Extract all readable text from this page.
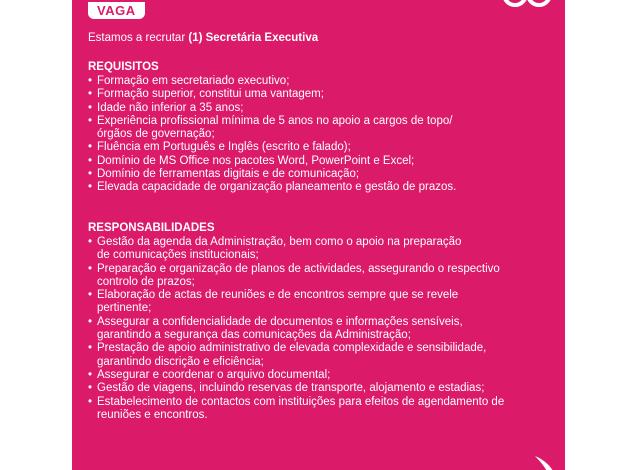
VAGA
Estamos a recrutar (1) Secretária Executiva
REQUISITOS
• Formação em secretariado executivo;
• Formação superior, constitui uma vantagem;
• Idade não inferior a 35 anos;
• Experiência profissional mínima de 5 anos no apoio a cargos de topo/órgãos de governação;
• Fluência em Português e Inglês (escrito e falado);
• Domínio de MS Office nos pacotes Word, PowerPoint e Excel;
• Domínio de ferramentas digitais e de comunicação;
• Elevada capacidade de organização planeamento e gestão de prazos.
RESPONSABILIDADES
• Gestão da agenda da Administração, bem como o apoio na preparação de comunicações institucionais;
• Preparação e organização de planos de actividades, assegurando o respectivo controlo de prazos;
• Elaboração de actas de reuniões e de encontros sempre que se revele pertinente;
• Assegurar a confidencialidade de documentos e informações sensíveis, garantindo a segurança das comunicações da Administração;
• Prestação de apoio administrativo de elevada complexidade e sensibilidade, garantindo discrição e eficiência;
• Assegurar e coordenar o arquivo documental;
• Gestão de viagens, incluindo reservas de transporte, alojamento e estadias;
• Estabelecimento de contactos com instituições para efeitos de agendamento de reuniões e encontros.
